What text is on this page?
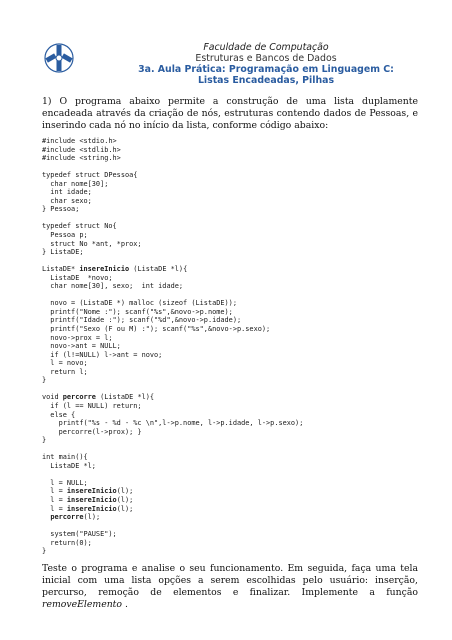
Faculdade de Computação
Estruturas e Bancos de Dados
3a. Aula Prática: Programação em Linguagem C:
Listas Encadeadas, Pilhas
1) O programa abaixo permite a construção de uma lista duplamente encadeada através da criação de nós, estruturas contendo dados de Pessoas, e inserindo cada nó no início da lista, conforme código abaixo:
#include <stdio.h>
#include <stdlib.h>
#include <string.h>

typedef struct DPessoa{
char nome[30];
int idade;
char sexo;
} Pessoa;

typedef struct No{
Pessoa p;
struct No *ant, *prox;
} ListaDE;

ListaDE* insereInicio (ListaDE *l){
ListaDE  *novo;
char nome[30], sexo;  int idade;

novo = (ListaDE *) malloc (sizeof (ListaDE));
printf("Nome :"); scanf("%s",&novo->p.nome);
printf("Idade :"); scanf("%d",&novo->p.idade);
printf("Sexo (F ou M) :"); scanf("%s",&novo->p.sexo);
novo->prox = l;
novo->ant = NULL;
if (l!=NULL) l->ant = novo;
l = novo;
return l;
}

void percorre (ListaDE *l){
if (l == NULL) return;
else {
printf("%s - %d - %c \n",l->p.nome, l->p.idade, l->p.sexo);
percorre(l->prox); }
}

int main(){
ListaDE *l;

l = NULL;
l = insereInicio(l);
l = insereInicio(l);
l = insereInicio(l);
percorre(l);

system("PAUSE");
return(0);
}
Teste o programa e analise o seu funcionamento. Em seguida, faça uma tela inicial com uma lista opções a serem escolhidas pelo usuário: inserção, percurso, remoção de elementos e finalizar. Implemente a função removeElemento .
